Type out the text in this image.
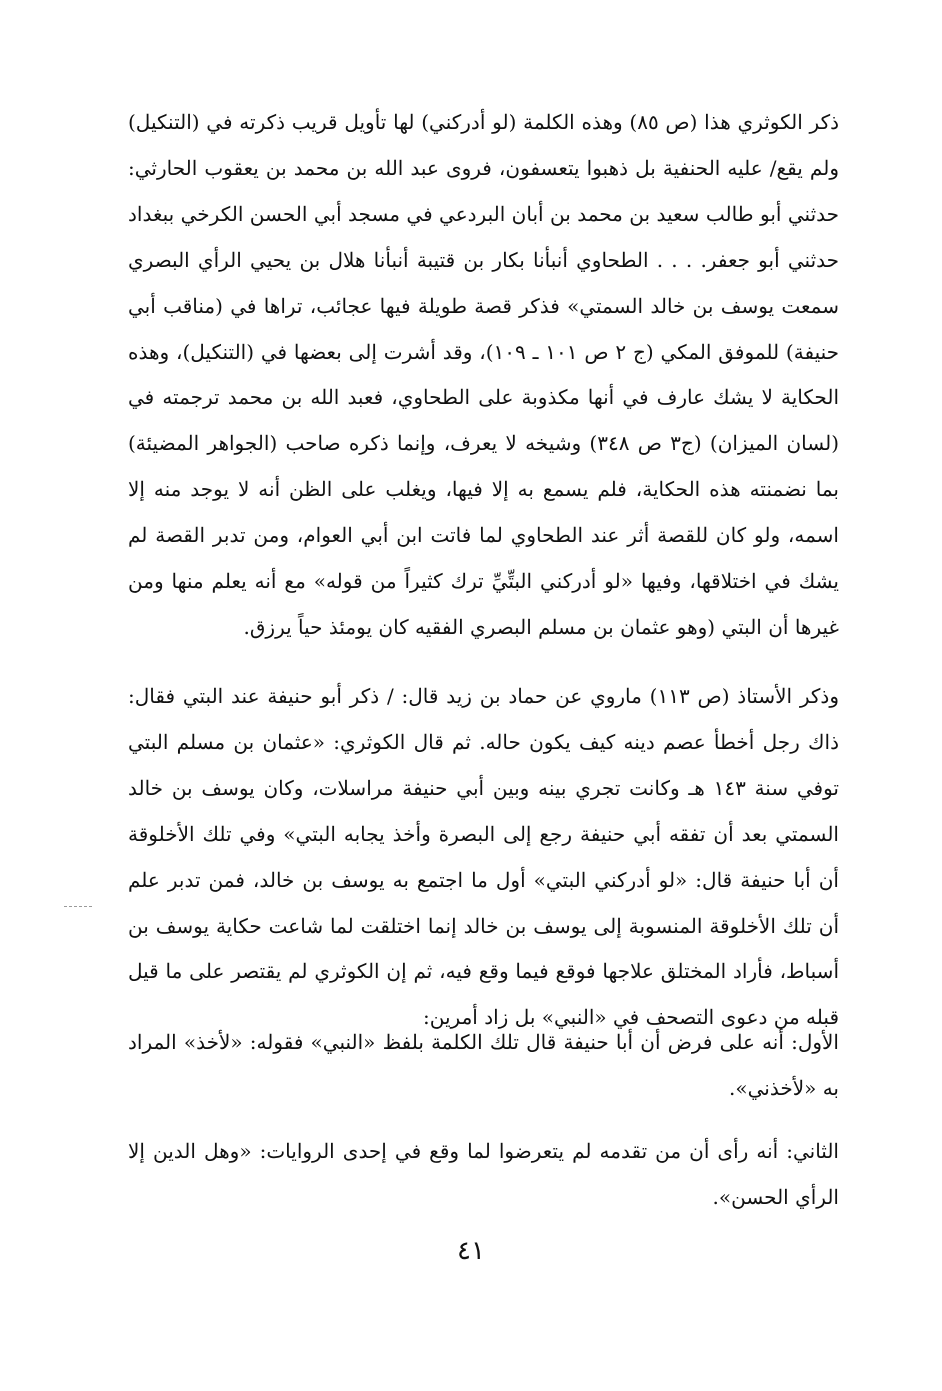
ذكر الكوثري هذا (ص ٨٥) وهذه الكلمة (لو أدركني) لها تأويل قريب ذكرته في (التنكيل) ولم يقع/ عليه الحنفية بل ذهبوا يتعسفون، فروى عبد الله بن محمد بن يعقوب الحارثي: حدثني أبو طالب سعيد بن محمد بن أبان البردعي في مسجد أبي الحسن الكرخي ببغداد حدثني أبو جعفر. . . . الطحاوي أنبأنا بكار بن قتيبة أنبأنا هلال بن يحيي الرأي البصري سمعت يوسف بن خالد السمتي» فذكر قصة طويلة فيها عجائب، تراها في (مناقب أبي حنيفة) للموفق المكي (ج ٢ ص ١٠١ ـ ١٠٩)، وقد أشرت إلى بعضها في (التنكيل)، وهذه الحكاية لا يشك عارف في أنها مكذوبة على الطحاوي، فعبد الله بن محمد ترجمته في (لسان الميزان) (ج٣ ص ٣٤٨) وشيخه لا يعرف، وإنما ذكره صاحب (الجواهر المضيئة) بما نضمنته هذه الحكاية، فلم يسمع به إلا فيها، ويغلب على الظن أنه لا يوجد منه إلا اسمه، ولو كان للقصة أثر عند الطحاوي لما فاتت ابن أبي العوام، ومن تدبر القصة لم يشك في اختلاقها، وفيها «لو أدركني البتِّيِّ ترك كثيراً من قوله» مع أنه يعلم منها ومن غيرها أن البتي (وهو عثمان بن مسلم البصري الفقيه كان يومئذ حياً يرزق.

وذكر الأستاذ (ص ١١٣) ماروي عن حماد بن زيد قال: / ذكر أبو حنيفة عند البتي فقال: ذاك رجل أخطأ عصم دينه كيف يكون حاله. ثم قال الكوثري: «عثمان بن مسلم البتي توفي سنة ١٤٣ هـ وكانت تجري بينه وبين أبي حنيفة مراسلات، وكان يوسف بن خالد السمتي بعد أن تفقه أبي حنيفة رجع إلى البصرة وأخذ يجابه البتي» وفي تلك الأخلوقة أن أبا حنيفة قال: «لو أدركني البتي» أول ما اجتمع به يوسف بن خالد، فمن تدبر علم أن تلك الأخلوقة المنسوبة إلى يوسف بن خالد إنما اختلقت لما شاعت حكاية يوسف بن أسباط، فأراد المختلق علاجها فوقع فيما وقع فيه، ثم إن الكوثري لم يقتصر على ما قيل قبله من دعوى التصحف في «النبي» بل زاد أمرين:

الأول: أنه على فرض أن أبا حنيفة قال تلك الكلمة بلفظ «النبي» فقوله: «لأخذ» المراد به «لأخذني».

الثاني: أنه رأى أن من تقدمه لم يتعرضوا لما وقع في إحدى الروايات: «وهل الدين إلا الرأي الحسن».

٤١
